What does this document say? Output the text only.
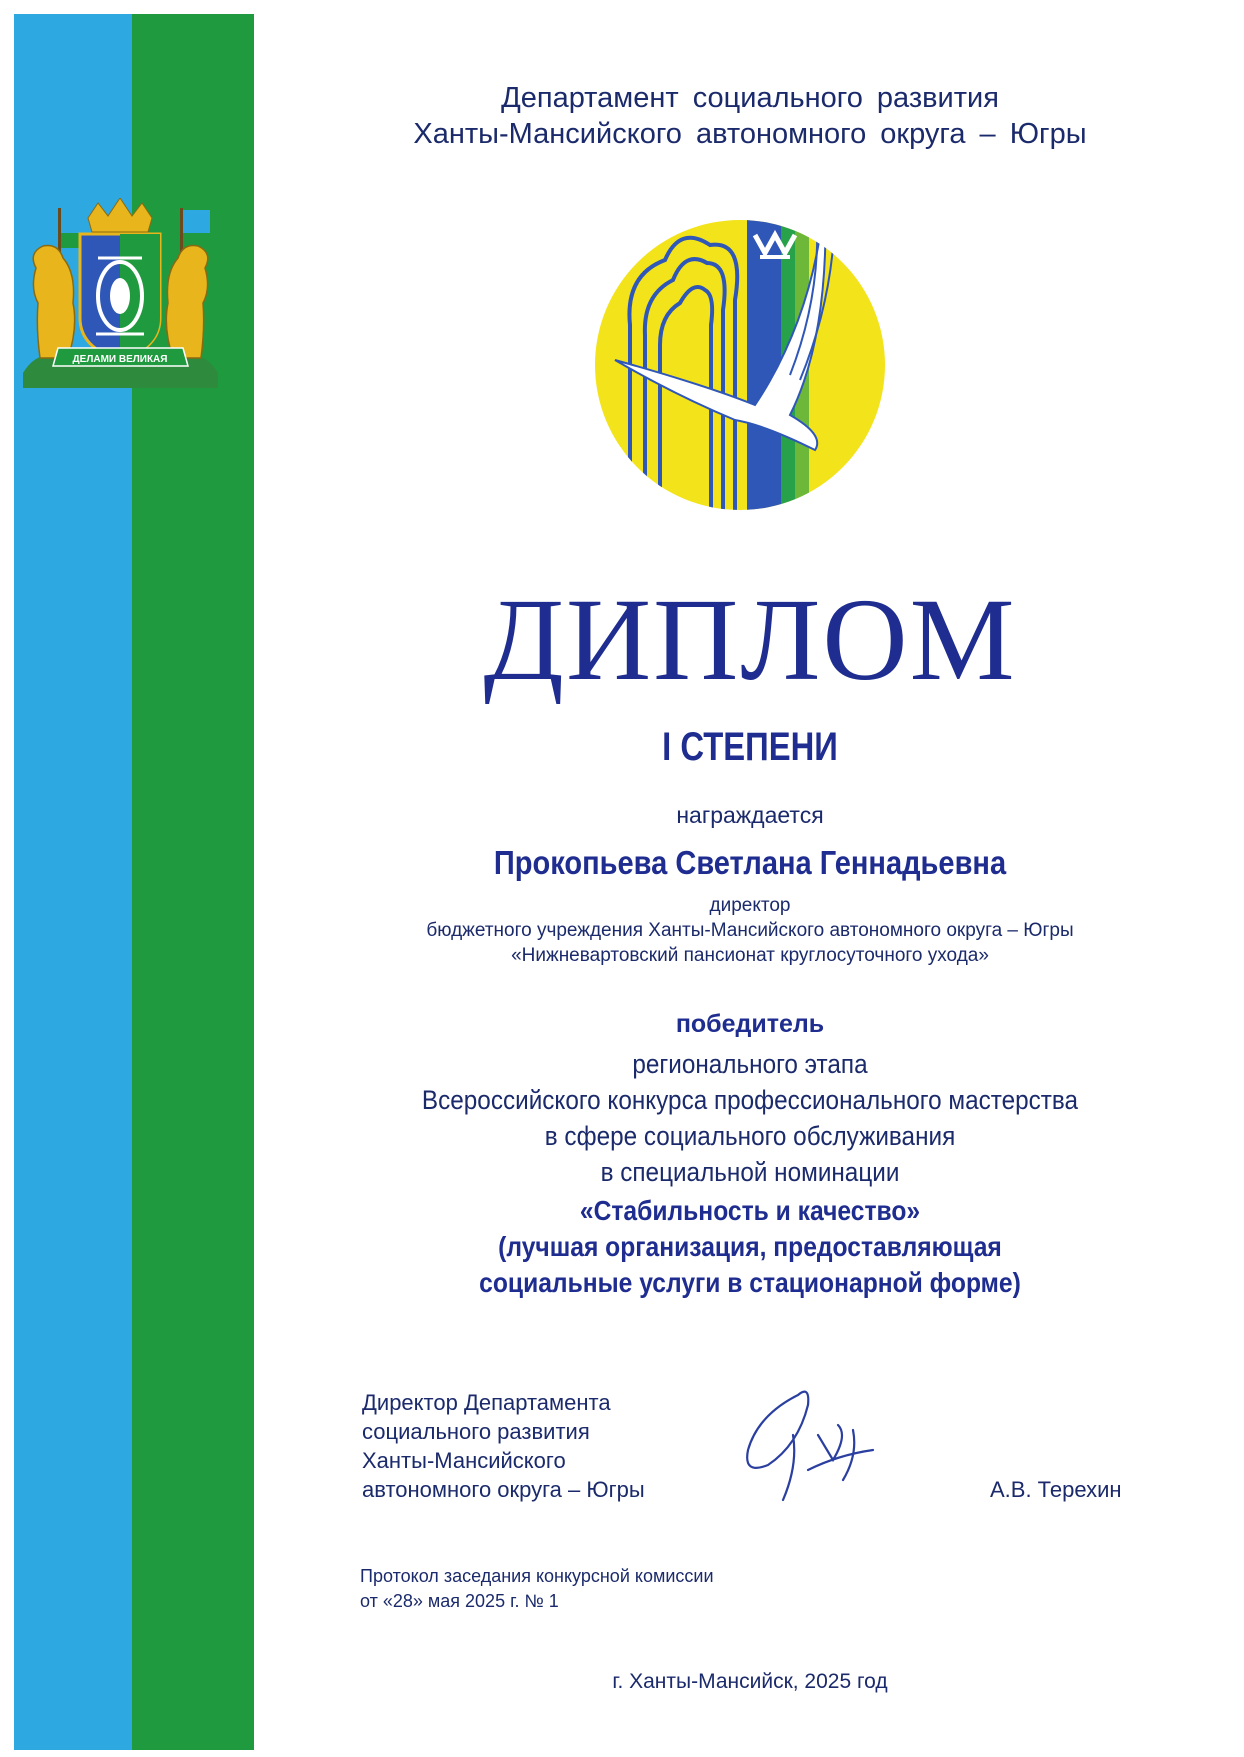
ДЕЛАМИ ВЕЛИКАЯ
Департамент социального развития
Ханты-Мансийского автономного округа – Югры
ДИПЛОМ
I СТЕПЕНИ
награждается
Прокопьева Светлана Геннадьевна
директор
бюджетного учреждения Ханты-Мансийского автономного округа – Югры
«Нижневартовский пансионат круглосуточного ухода»
победитель
регионального этапа
Всероссийского конкурса профессионального мастерства
в сфере социального обслуживания
в специальной номинации
«Стабильность и качество»
(лучшая организация, предоставляющая
социальные услуги в стационарной форме)
Директор Департамента
социального развития
Ханты-Мансийского
автономного округа – Югры	А.В. Терехин
Протокол заседания конкурсной комиссии
от «28» мая 2025 г. № 1
г. Ханты-Мансийск, 2025 год
